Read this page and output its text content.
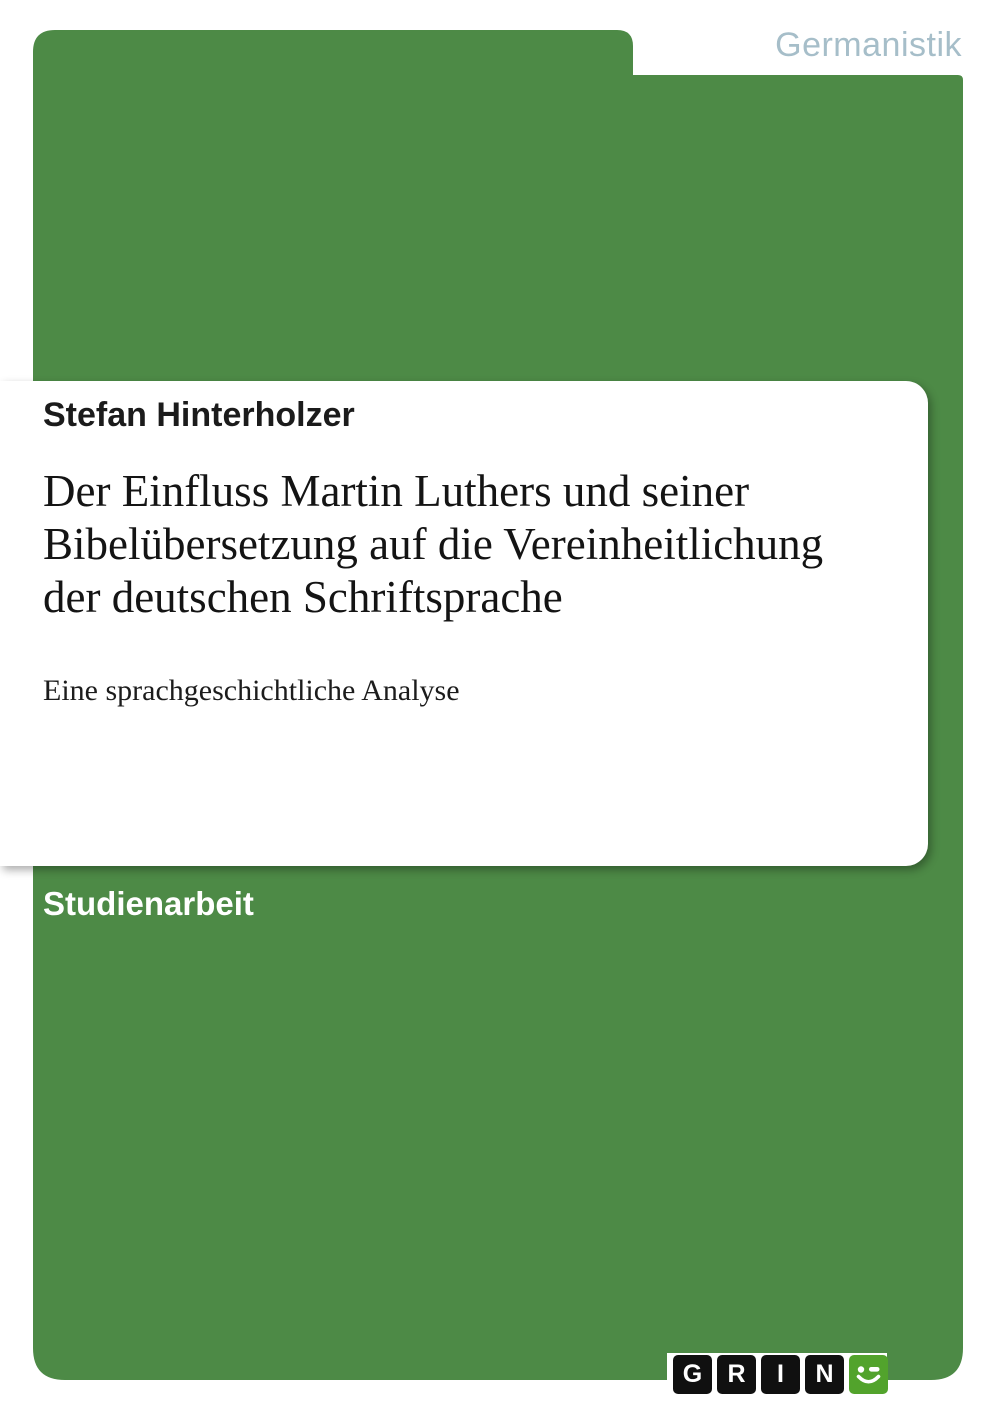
Germanistik
Stefan Hinterholzer
Der Einfluss Martin Luthers und seiner
Bibelübersetzung auf die Vereinheitlichung
der deutschen Schriftsprache
Eine sprachgeschichtliche Analyse
Studienarbeit
G	R	I	N
